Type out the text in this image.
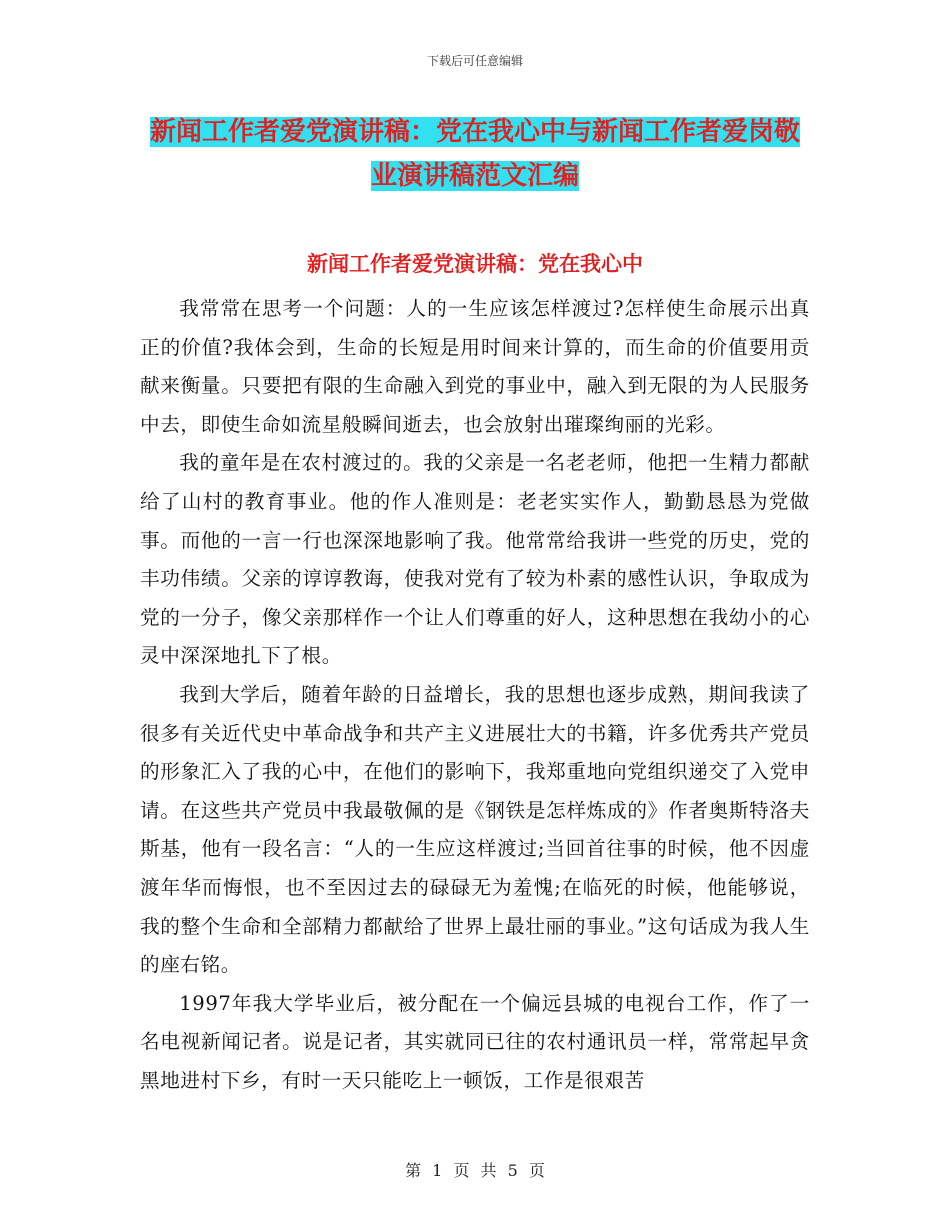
下载后可任意编辑
新闻工作者爱党演讲稿：党在我心中与新闻工作者爱岗敬业演讲稿范文汇编
新闻工作者爱党演讲稿：党在我心中

我常常在思考一个问题：人的一生应该怎样渡过?怎样使生命展示出真正的价值?我体会到，生命的长短是用时间来计算的，而生命的价值要用贡献来衡量。只要把有限的生命融入到党的事业中，融入到无限的为人民服务中去，即使生命如流星般瞬间逝去，也会放射出璀璨绚丽的光彩。

我的童年是在农村渡过的。我的父亲是一名老老师，他把一生精力都献给了山村的教育事业。他的作人准则是：老老实实作人，勤勤恳恳为党做事。而他的一言一行也深深地影响了我。他常常给我讲一些党的历史，党的丰功伟绩。父亲的谆谆教诲，使我对党有了较为朴素的感性认识，争取成为党的一分子，像父亲那样作一个让人们尊重的好人，这种思想在我幼小的心灵中深深地扎下了根。

我到大学后，随着年龄的日益增长，我的思想也逐步成熟，期间我读了很多有关近代史中革命战争和共产主义进展壮大的书籍，许多优秀共产党员的形象汇入了我的心中，在他们的影响下，我郑重地向党组织递交了入党申请。在这些共产党员中我最敬佩的是《钢铁是怎样炼成的》作者奥斯特洛夫斯基，他有一段名言：“人的一生应这样渡过;当回首往事的时候，他不因虚渡年华而悔恨，也不至因过去的碌碌无为羞愧;在临死的时候，他能够说，我的整个生命和全部精力都献给了世界上最壮丽的事业。”这句话成为我人生的座右铭。

1997年我大学毕业后，被分配在一个偏远县城的电视台工作，作了一名电视新闻记者。说是记者，其实就同已往的农村通讯员一样，常常起早贪黑地进村下乡，有时一天只能吃上一顿饭，工作是很艰苦

第 1 页 共 5 页
